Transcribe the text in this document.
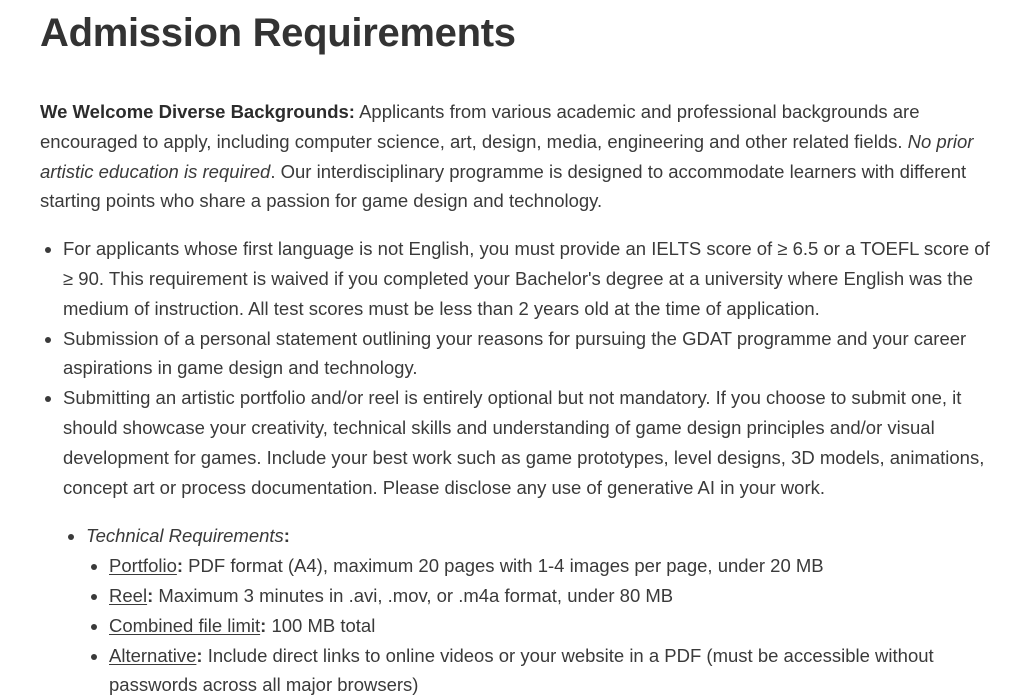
Admission Requirements

We Welcome Diverse Backgrounds: Applicants from various academic and professional backgrounds are encouraged to apply, including computer science, art, design, media, engineering and other related fields. No prior artistic education is required. Our interdisciplinary programme is designed to accommodate learners with different starting points who share a passion for game design and technology.

• For applicants whose first language is not English, you must provide an IELTS score of ≥ 6.5 or a TOEFL score of ≥ 90. This requirement is waived if you completed your Bachelor's degree at a university where English was the medium of instruction. All test scores must be less than 2 years old at the time of application.
• Submission of a personal statement outlining your reasons for pursuing the GDAT programme and your career aspirations in game design and technology.
• Submitting an artistic portfolio and/or reel is entirely optional but not mandatory. If you choose to submit one, it should showcase your creativity, technical skills and understanding of game design principles and/or visual development for games. Include your best work such as game prototypes, level designs, 3D models, animations, concept art or process documentation. Please disclose any use of generative AI in your work.
• Technical Requirements:
• Portfolio: PDF format (A4), maximum 20 pages with 1-4 images per page, under 20 MB
• Reel: Maximum 3 minutes in .avi, .mov, or .m4a format, under 80 MB
• Combined file limit: 100 MB total
• Alternative: Include direct links to online videos or your website in a PDF (must be accessible without passwords across all major browsers)
